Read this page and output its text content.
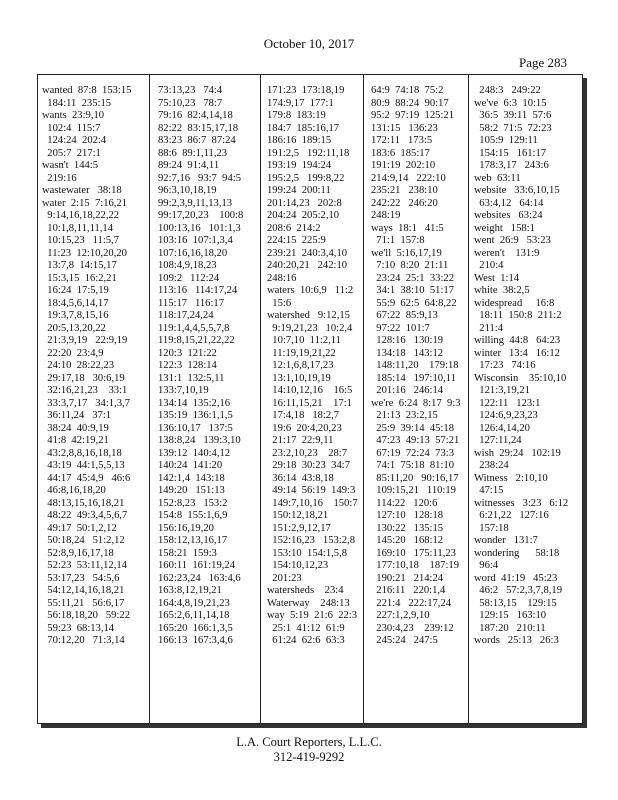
October 10, 2017
Page 283
wanted  87:8  153:15
184:11  235:15
wants  23:9,10
102:4  115:7
124:24  202:4
205:7  217:1
wasn't  144:5
219:16
wastewater   38:18
water  2:15  7:16,21
9:14,16,18,22,22
10:1,8,11,11,14
10:15,23   11:5,7
11:23  12:10,20,20
13:7,8  14:15,17
15:3,15  16:2,21
16:24  17:5,19
18:4,5,6,14,17
19:3,7,8,15,16
20:5,13,20,22
21:3,9,19   22:9,19
22:20  23:4,9
24:10  28:22,23
29:17,18   30:6,19
32:16,21,23    33:1
33:3,7,17   34:1,3,7
36:11,24   37:1
38:24  40:9,19
41:8  42:19,21
43:2,8,8,16,18,18
43:19  44:1,5,5,13
44:17  45:4,9   46:6
46:8,16,18,20
48:13,15,16,18,21
48:22  49:3,4,5,6,7
49:17  50:1,2,12
50:18,24   51:2,12
52:8,9,16,17,18
52:23  53:11,12,14
53:17,23   54:5,6
54:12,14,16,18,21
55:11,21   56:6,17
56:18,18,20   59:22
59:23  68:13,14
70:12,20   71:3,14
73:13,23   74:4
75:10,23   78:7
79:16  82:4,14,18
82:22  83:15,17,18
83:23  86:7  87:24
88:6  89:1,11,23
89:24  91:4,11
92:7,16   93:7  94:5
96:3,10,18,19
99:2,3,9,11,13,13
99:17,20,23    100:8
100:13,16   101:1,3
103:16  107:1,3,4
107:16,16,18,20
108:4,9,18,23
109:2   112:24
113:16   114:17,24
115:17   116:17
118:17,24,24
119:1,4,4,5,5,7,8
119:8,15,21,22,22
120:3  121:22
122:3  128:14
131:1  132:5,11
133:7,10,19
134:14  135:2,16
135:19  136:1,1,5
136:10,17   137:5
138:8,24   139:3,10
139:12  140:4,12
140:24  141:20
142:1,4  143:18
149:20   151:13
152:8,23   153:2
154:8  155:1,6,9
156:16,19,20
158:12,13,16,17
158:21  159:3
160:11  161:19,24
162:23,24   163:4,6
163:8,12,19,21
164:4,8,19,21,23
165:2,6,11,14,18
165:20  166:1,3,5
166:13  167:3,4,6
171:23  173:18,19
174:9,17  177:1
179:8  183:19
184:7  185:16,17
186:16  189:15
191:2,5   192:11,18
193:19  194:24
195:2,5   199:8,22
199:24  200:11
201:14,23   202:8
204:24  205:2,10
208:6  214:2
224:15  225:9
239:21  240:3,4,10
240:20,21   242:10
248:16
waters  10:6,9   11:2
15:6
watershed   9:12,15
9:19,21,23   10:2,4
10:7,10  11:2,11
11:19,19,21,22
12:1,6,8,17,23
13:1,10,19,19
14:10,12,16    16:5
16:11,15,21    17:1
17:4,18   18:2,7
19:6  20:4,20,23
21:17  22:9,11
23:2,10,23    28:7
29:18  30:23  34:7
36:14  43:8,18
49:14  56:19  149:3
149:7,10,16    150:7
150:12,18,21
151:2,9,12,17
152:16,23   153:2,8
153:10  154:1,5,8
154:10,12,23
201:23
watersheds    23:4
Waterway    248:13
way  5:19  21:6  22:3
25:1  41:12  61:9
61:24  62:6  63:3
64:9  74:18  75:2
80:9  88:24  90:17
95:2  97:19  125:21
131:15   136:23
172:11   173:5
183:6  185:17
191:19  202:10
214:9,14   222:10
235:21   238:10
242:22   246:20
248:19
ways  18:1   41:5
71:1  157:8
we'll  5:16,17,19
7:10  8:20  21:11
23:24  25:1  33:22
34:1  38:10  51:17
55:9  62:5  64:8,22
67:22  85:9,13
97:22  101:7
128:16   130:19
134:18   143:12
148:11,20    179:18
185:14   197:10,11
201:16   246:14
we're  6:24  8:17  9:3
21:13  23:2,15
25:9  39:14  45:18
47:23  49:13  57:21
67:19  72:24  73:3
74:1  75:18  81:10
85:11,20   90:16,17
109:15,21   110:19
114:22   120:6
127:10   128:18
130:22   135:15
145:20   168:12
169:10   175:11,23
177:10,18    187:19
190:21   214:24
216:11   220:1,4
221:4   222:17,24
227:1,2,9,10
230:4,23    239:12
245:24   247:5
248:3   249:22
we've  6:3  10:15
36:5  39:11  57:6
58:2  71:5  72:23
105:9  129:11
154:15   161:17
178:3,17   243:6
web  63:11
website   33:6,10,15
63:4,12   64:14
websites   63:24
weight   158:1
went  26:9   53:23
weren't    131:9
210:4
West  1:14
white  38:2,5
widespread     16:8
18:11  150:8  211:2
211:4
willing  44:8   64:23
winter   13:4   16:12
17:23   74:16
Wisconsin    35:10,10
121:3,19,21
122:11   123:1
124:6,9,23,23
126:4,14,20
127:11,24
wish  29:24   102:19
238:24
Witness   2:10,10
47:15
witnesses   3:23   6:12
6:21,22   127:16
157:18
wonder   131:7
wondering      58:18
96:4
word  41:19   45:23
46:2   57:2,3,7,8,19
58:13,15    129:15
129:15   163:10
187:20   210:11
words   25:13   26:3
L.A. Court Reporters, L.L.C.
312-419-9292
